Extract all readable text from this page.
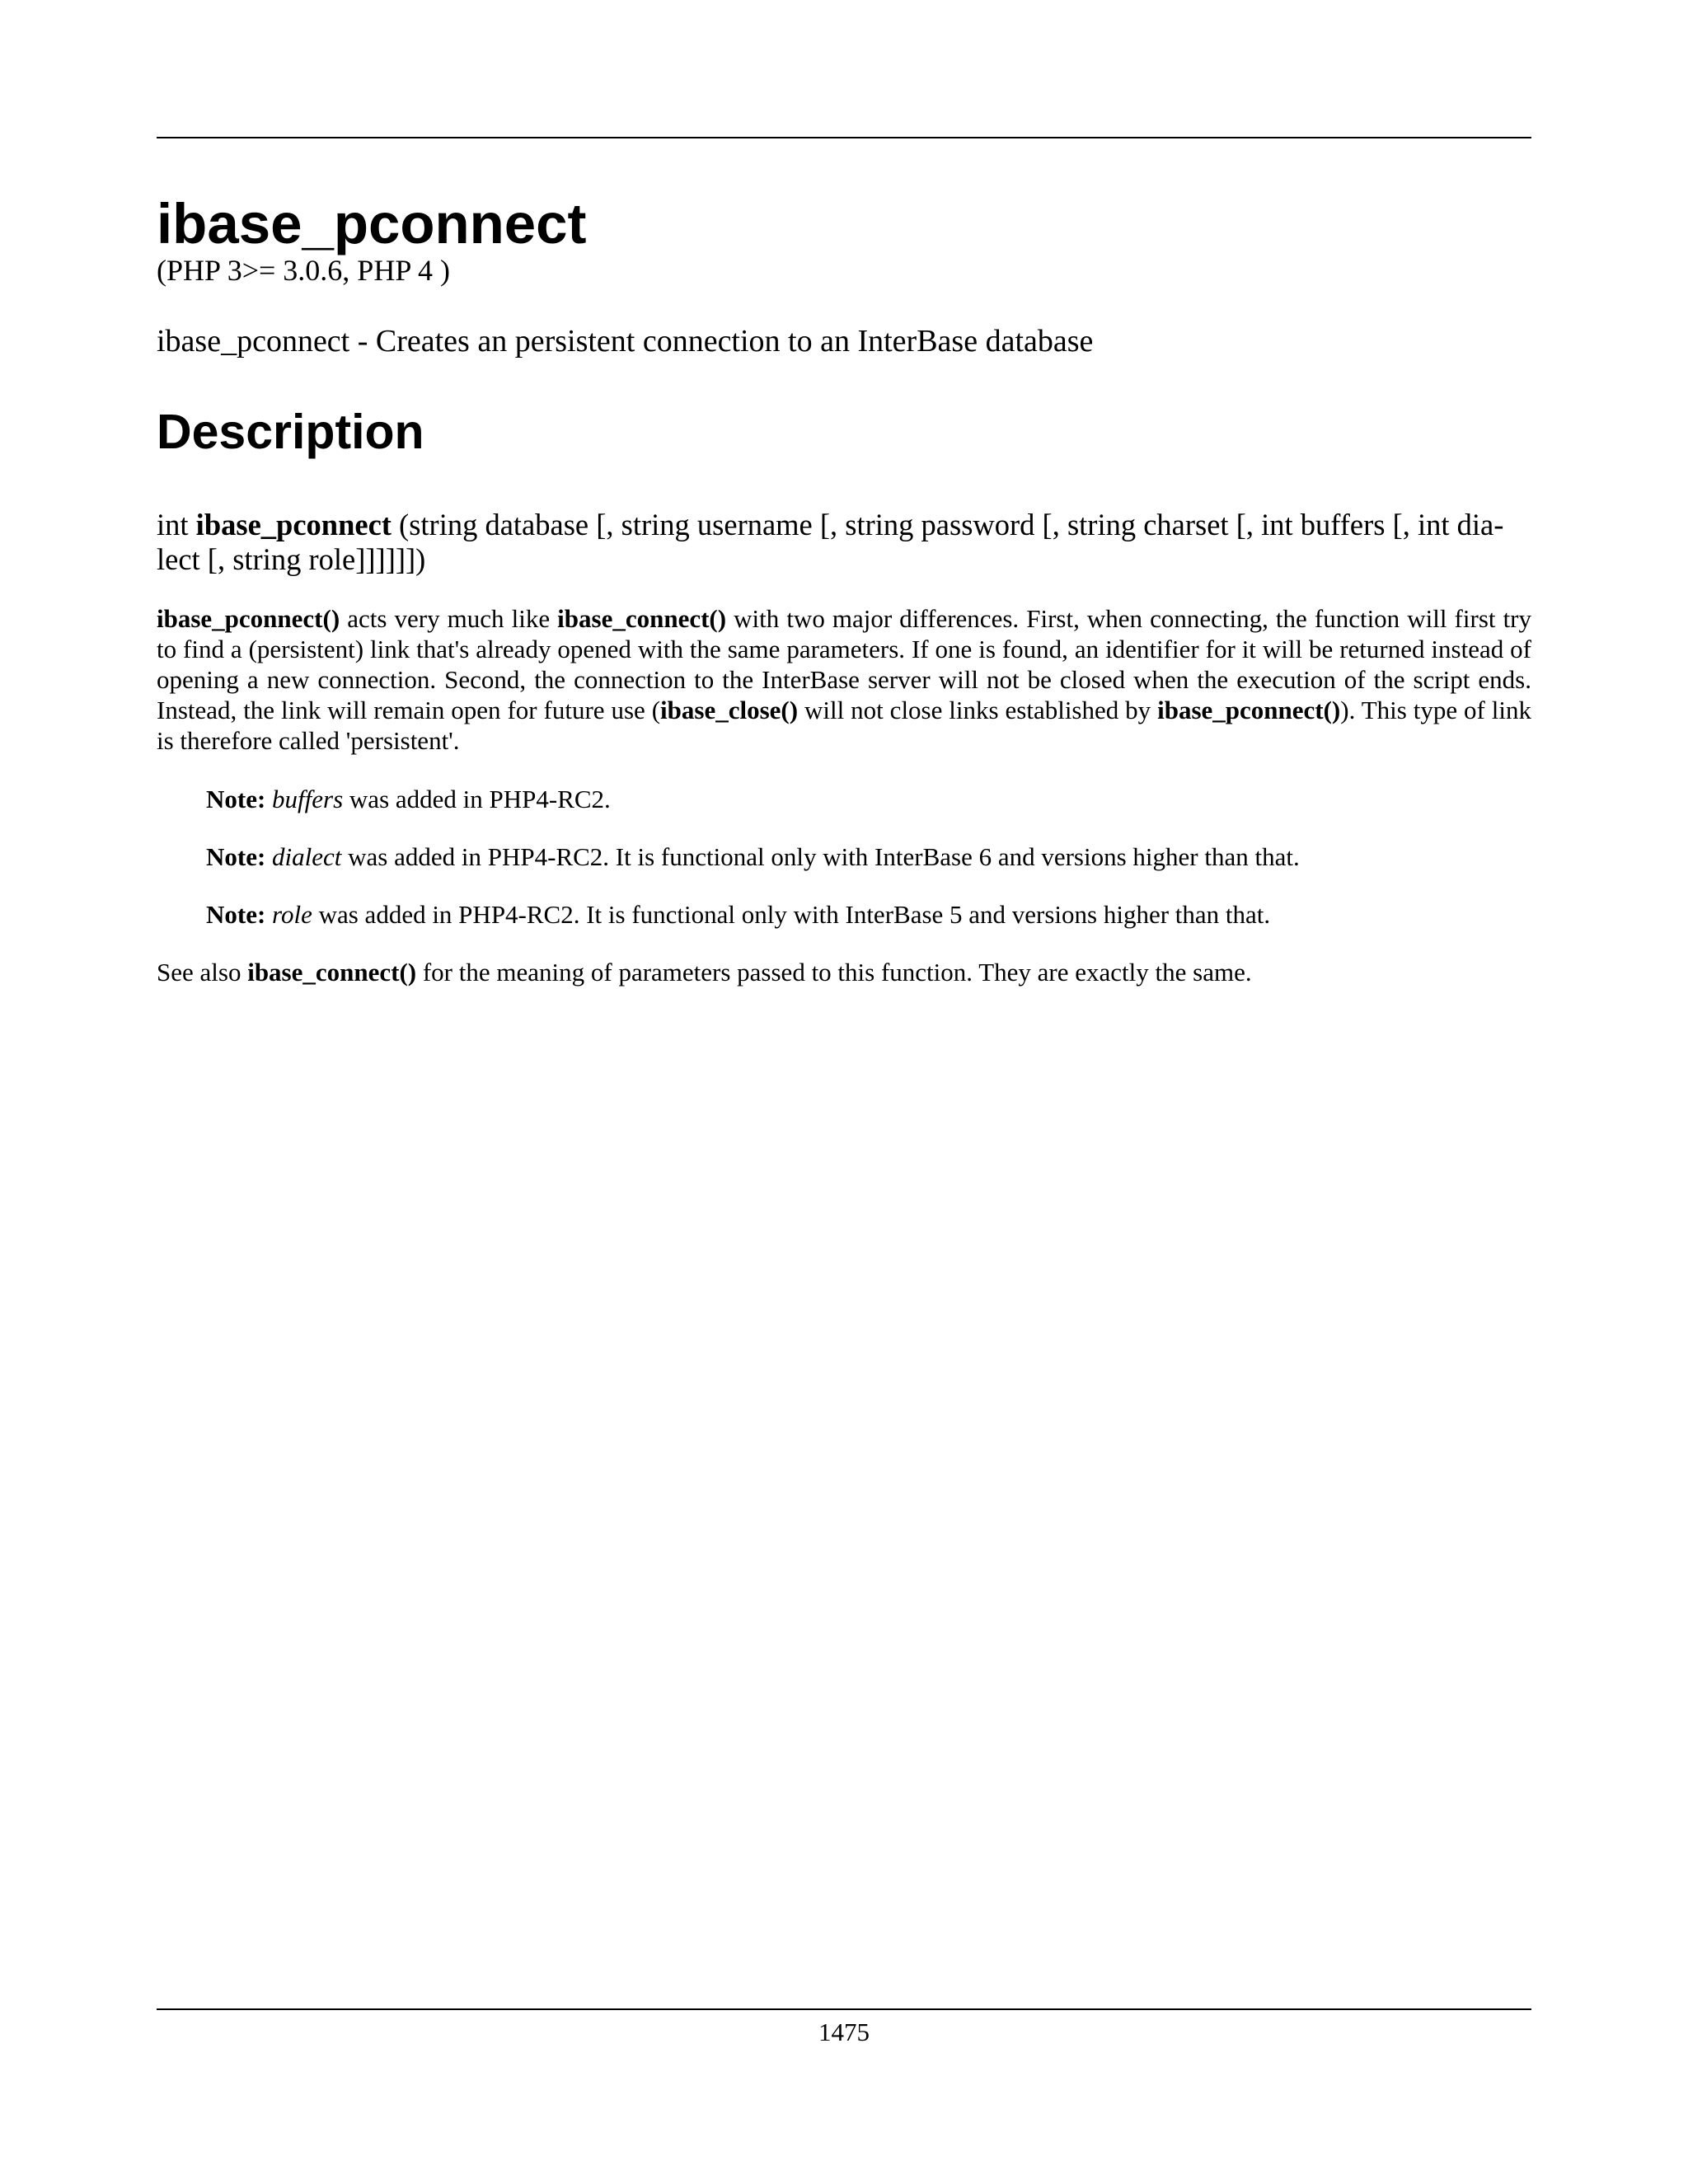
ibase_pconnect
(PHP 3>= 3.0.6, PHP 4 )
ibase_pconnect - Creates an persistent connection to an InterBase database
Description
int ibase_pconnect (string database [, string username [, string password [, string charset [, int buffers [, int dia-
lect [, string role]]]]]])
ibase_pconnect() acts very much like ibase_connect() with two major differences. First, when connecting, the function will first try to find a (persistent) link that's already opened with the same parameters. If one is found, an identifier for it will be returned instead of opening a new connection. Second, the connection to the InterBase server will not be closed when the execution of the script ends. Instead, the link will remain open for future use (ibase_close() will not close links established by ibase_pconnect()). This type of link is therefore called 'persistent'.
Note: buffers was added in PHP4-RC2.
Note: dialect was added in PHP4-RC2. It is functional only with InterBase 6 and versions higher than that.
Note: role was added in PHP4-RC2. It is functional only with InterBase 5 and versions higher than that.
See also ibase_connect() for the meaning of parameters passed to this function. They are exactly the same.
1475
